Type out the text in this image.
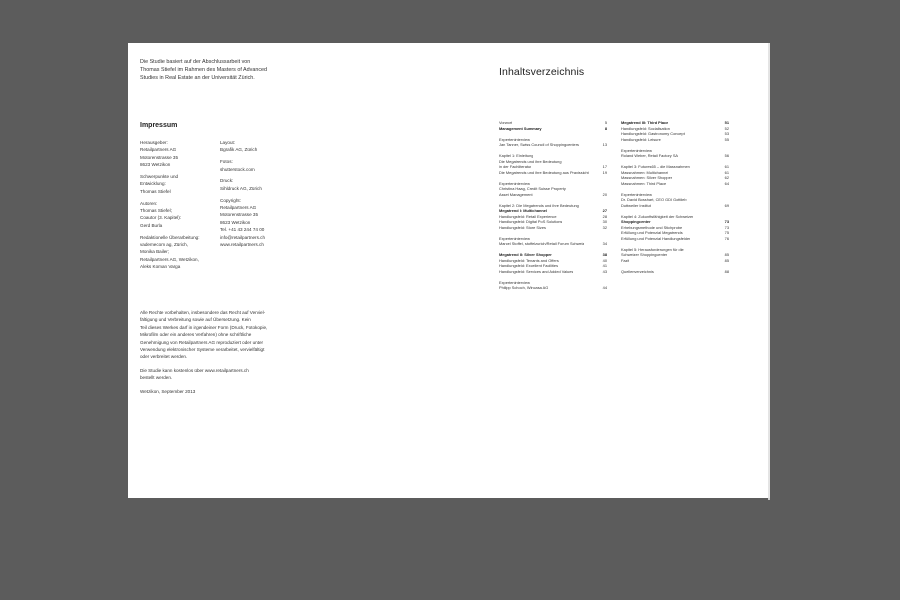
Die Studie basiert auf der Abschlussarbeit von
Thomas Stiefel im Rahmen des Masters of Advanced
Studies in Real Estate an der Universität Zürich.
Impressum
Herausgeber:
Retailpartners AG
Motorenstrasse 35
8623 Wetzikon
Schwerpunkte und
Entwicklung:
Thomas Stiefel
Autoren:
Thomas Stiefel;
Coautor (3. Kapitel):
Gerd Burla
Redaktionelle Überarbeitung:
vademecom ag, Zürich,
Monika Bailer;
Retailpartners AG, Wetzikon,
Aleks Koman Varga
Layout:
Bgrafik AG, Zürich
Fotos:
shutterstock.com
Druck:
Sihldruck AG, Zürich
Copyright:
Retailpartners AG
Motorenstrasse 35
8623 Wetzikon
Tel. +41 43 244 74 00
info@retailpartners.ch
www.retailpartners.ch
Alle Rechte vorbehalten, insbesondere das Recht auf Verviel-
fältigung und Verbreitung sowie auf Übersetzung. Kein
Teil dieses Werkes darf in irgendeiner Form (Druck, Fotokopie,
Mikrofilm oder ein anderes Verfahren) ohne schriftliche
Genehmigung von Retailpartners AG reproduziert oder unter
Verwendung elektronischer Systeme verarbeitet, vervielfältigt
oder verbreitet werden.
Die Studie kann kostenlos über www.retailpartners.ch
bestellt werden.
Wetzikon, September 2013
Inhaltsverzeichnis
Vorwort	5
Management Summary	8
Experteninterview
Jan Tanner, Swiss Council of Shoppingcenters	13
Kapitel 1: Einleitung
Die Megatrends und ihre Bedeutung
in der Fachliteratur	17
Die Megatrends und ihre Bedeutung aus Praxissicht	19
Experteninterview
Christina Haag, Credit Suisse Property
Asset Management	20
Kapitel 2: Die Megatrends und ihre Bedeutung
Megatrend I: Multichannel	27
Handlungsfeld: Retail Experience	28
Handlungsfeld: Digital PoS Solutions	30
Handlungsfeld: Store Sizes	32
Experteninterview
Marcel Stoffel, stoffelzurich/Retail Forum Schweiz	34
Megatrend II: Silver Shopper	38
Handlungsfeld: Tenants and Offers	40
Handlungsfeld: Excellent Facilities	41
Handlungsfeld: Services and Added Values	43
Experteninterview
Philipp Schoch, Wincasa AG	44
Megatrend III: Third Place	51
Handlungsfeld: Socialisation	52
Handlungsfeld: Gastronomy Concept	53
Handlungsfeld: Leisure	55
Experteninterview
Roland Weber, Retail Factory SA	56
Kapitel 3: Futures65 – die Massnahmen	61
Massnahmen: Multichannel	61
Massnahmen: Silver Shopper	62
Massnahmen: Third Place	64
Experteninterview
Dr. David Bosshart, CEO GDI Gottlieb
Duttweiler Institut	69
Kapitel 4: Zukunftsfähigkeit der Schweizer
Shoppingcenter	73
Erhebungsmethode und Stichprobe	73
Erfüllung und Potenzial Megatrends	75
Erfüllung und Potenzial Handlungsfelder	76
Kapitel 5: Herausforderungen für die
Schweizer Shoppingcenter	85
Fazit	85
Quellenverzeichnis	88
